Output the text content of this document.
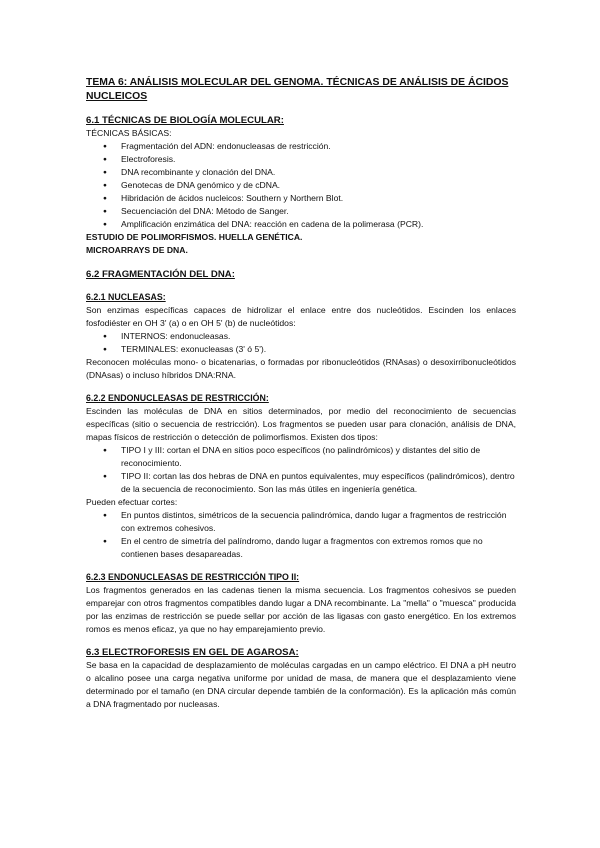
TEMA 6: ANÁLISIS MOLECULAR DEL GENOMA. TÉCNICAS DE ANÁLISIS DE ÁCIDOS
NUCLEICOS
6.1 TÉCNICAS DE BIOLOGÍA MOLECULAR:

TÉCNICAS BÁSICAS:

● Fragmentación del ADN: endonucleasas de restricción.
● Electroforesis.
● DNA recombinante y clonación del DNA.
● Genotecas de DNA genómico y de cDNA.
● Hibridación de ácidos nucleicos: Southern y Northern Blot.
● Secuenciación del DNA: Método de Sanger.
● Amplificación enzimática del DNA: reacción en cadena de la polimerasa (PCR).

ESTUDIO DE POLIMORFISMOS. HUELLA GENÉTICA.

MICROARRAYS DE DNA.

6.2 FRAGMENTACIÓN DEL DNA:
6.2.1 NUCLEASAS:

Son enzimas específicas capaces de hidrolizar el enlace entre dos nucleótidos. Escinden los enlaces fosfodiéster en OH 3' (a) o en OH 5' (b) de nucleótidos:

● INTERNOS: endonucleasas.
● TERMINALES: exonucleasas (3' ó 5').

Reconocen moléculas mono- o bicatenarias, o formadas por ribonucleótidos (RNAsas) o desoxirribonucleótidos (DNAsas) o incluso híbridos DNA:RNA.

6.2.2 ENDONUCLEASAS DE RESTRICCIÓN:

Escinden las moléculas de DNA en sitios determinados, por medio del reconocimiento de secuencias específicas (sitio o secuencia de restricción). Los fragmentos se pueden usar para clonación, análisis de DNA, mapas físicos de restricción o detección de polimorfismos. Existen dos tipos:

● TIPO I y III: cortan el DNA en sitios poco específicos (no palindrómicos) y distantes del sitio de reconocimiento.
● TIPO II: cortan las dos hebras de DNA en puntos equivalentes, muy específicos (palindrómicos), dentro de la secuencia de reconocimiento. Son las más útiles en ingeniería genética.

Pueden efectuar cortes:

● En puntos distintos, simétricos de la secuencia palindrómica, dando lugar a fragmentos de restricción con extremos cohesivos.
● En el centro de simetría del palíndromo, dando lugar a fragmentos con extremos romos que no contienen bases desapareadas.
6.2.3 ENDONUCLEASAS DE RESTRICCIÓN TIPO II:

Los fragmentos generados en las cadenas tienen la misma secuencia. Los fragmentos cohesivos se pueden emparejar con otros fragmentos compatibles dando lugar a DNA recombinante. La "mella" o "muesca" producida por las enzimas de restricción se puede sellar por acción de las ligasas con gasto energético. En los extremos romos es menos eficaz, ya que no hay emparejamiento previo.

6.3 ELECTROFORESIS EN GEL DE AGAROSA:

Se basa en la capacidad de desplazamiento de moléculas cargadas en un campo eléctrico. El DNA a pH neutro o alcalino posee una carga negativa uniforme por unidad de masa, de manera que el desplazamiento viene determinado por el tamaño (en DNA circular depende también de la conformación). Es la aplicación más común a DNA fragmentado por nucleasas.
